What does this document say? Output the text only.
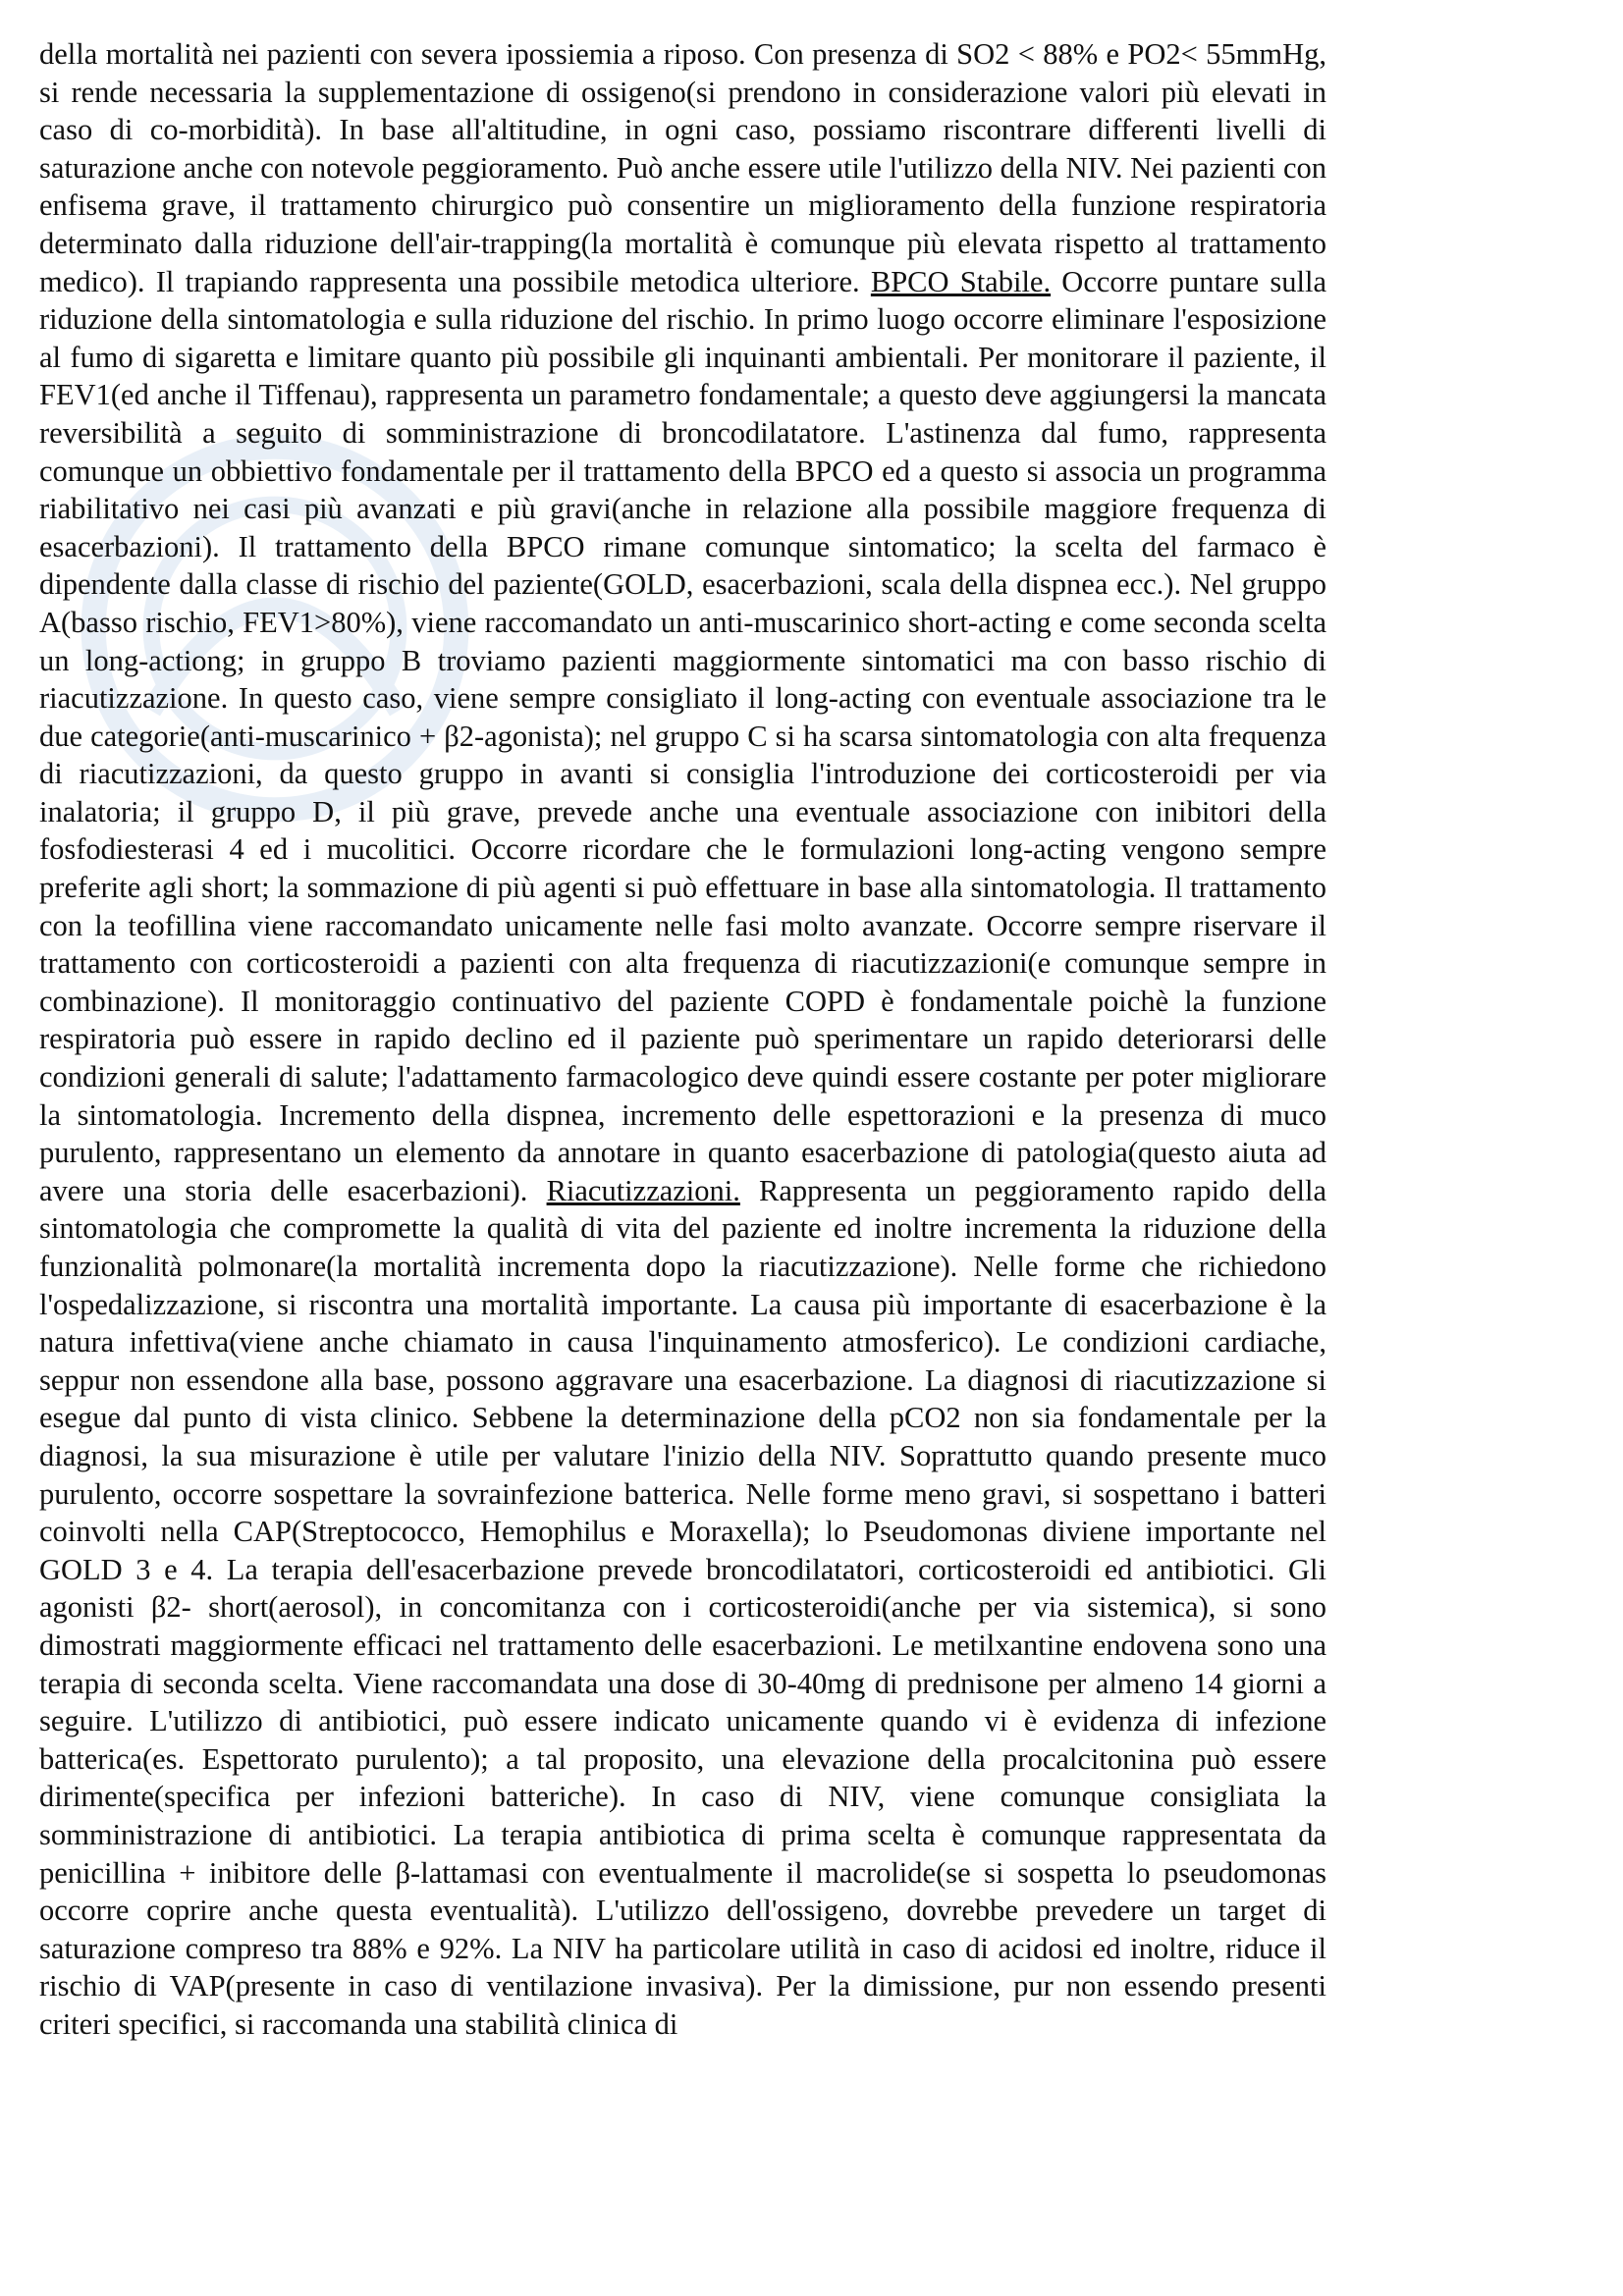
della mortalità nei pazienti con severa ipossiemia a riposo. Con presenza di SO2 < 88% e PO2< 55mmHg, si rende necessaria la supplementazione di ossigeno(si prendono in considerazione valori più elevati in caso di co-morbidità). In base all'altitudine, in ogni caso, possiamo riscontrare differenti livelli di saturazione anche con notevole peggioramento. Può anche essere utile l'utilizzo della NIV. Nei pazienti con enfisema grave, il trattamento chirurgico può consentire un miglioramento della funzione respiratoria determinato dalla riduzione dell'air-trapping(la mortalità è comunque più elevata rispetto al trattamento medico). Il trapiando rappresenta una possibile metodica ulteriore. BPCO Stabile. Occorre puntare sulla riduzione della sintomatologia e sulla riduzione del rischio. In primo luogo occorre eliminare l'esposizione al fumo di sigaretta e limitare quanto più possibile gli inquinanti ambientali. Per monitorare il paziente, il FEV1(ed anche il Tiffenau), rappresenta un parametro fondamentale; a questo deve aggiungersi la mancata reversibilità a seguito di somministrazione di broncodilatatore. L'astinenza dal fumo, rappresenta comunque un obbiettivo fondamentale per il trattamento della BPCO ed a questo si associa un programma riabilitativo nei casi più avanzati e più gravi(anche in relazione alla possibile maggiore frequenza di esacerbazioni). Il trattamento della BPCO rimane comunque sintomatico; la scelta del farmaco è dipendente dalla classe di rischio del paziente(GOLD, esacerbazioni, scala della dispnea ecc.). Nel gruppo A(basso rischio, FEV1>80%), viene raccomandato un anti-muscarinico short-acting e come seconda scelta un long-actiong; in gruppo B troviamo pazienti maggiormente sintomatici ma con basso rischio di riacutizzazione. In questo caso, viene sempre consigliato il long-acting con eventuale associazione tra le due categorie(anti-muscarinico + β2-agonista); nel gruppo C si ha scarsa sintomatologia con alta frequenza di riacutizzazioni, da questo gruppo in avanti si consiglia l'introduzione dei corticosteroidi per via inalatoria; il gruppo D, il più grave, prevede anche una eventuale associazione con inibitori della fosfodiesterasi 4 ed i mucolitici. Occorre ricordare che le formulazioni long-acting vengono sempre preferite agli short; la sommazione di più agenti si può effettuare in base alla sintomatologia. Il trattamento con la teofillina viene raccomandato unicamente nelle fasi molto avanzate. Occorre sempre riservare il trattamento con corticosteroidi a pazienti con alta frequenza di riacutizzazioni(e comunque sempre in combinazione). Il monitoraggio continuativo del paziente COPD è fondamentale poichè la funzione respiratoria può essere in rapido declino ed il paziente può sperimentare un rapido deteriorarsi delle condizioni generali di salute; l'adattamento farmacologico deve quindi essere costante per poter migliorare la sintomatologia. Incremento della dispnea, incremento delle espettorazioni e la presenza di muco purulento, rappresentano un elemento da annotare in quanto esacerbazione di patologia(questo aiuta ad avere una storia delle esacerbazioni). Riacutizzazioni. Rappresenta un peggioramento rapido della sintomatologia che compromette la qualità di vita del paziente ed inoltre incrementa la riduzione della funzionalità polmonare(la mortalità incrementa dopo la riacutizzazione). Nelle forme che richiedono l'ospedalizzazione, si riscontra una mortalità importante. La causa più importante di esacerbazione è la natura infettiva(viene anche chiamato in causa l'inquinamento atmosferico). Le condizioni cardiache, seppur non essendone alla base, possono aggravare una esacerbazione. La diagnosi di riacutizzazione si esegue dal punto di vista clinico. Sebbene la determinazione della pCO2 non sia fondamentale per la diagnosi, la sua misurazione è utile per valutare l'inizio della NIV. Soprattutto quando presente muco purulento, occorre sospettare la sovrainfezione batterica. Nelle forme meno gravi, si sospettano i batteri coinvolti nella CAP(Streptococco, Hemophilus e Moraxella); lo Pseudomonas diviene importante nel GOLD 3 e 4. La terapia dell'esacerbazione prevede broncodilatatori, corticosteroidi ed antibiotici. Gli agonisti β2- short(aerosol), in concomitanza con i corticosteroidi(anche per via sistemica), si sono dimostrati maggiormente efficaci nel trattamento delle esacerbazioni. Le metilxantine endovena sono una terapia di seconda scelta. Viene raccomandata una dose di 30-40mg di prednisone per almeno 14 giorni a seguire. L'utilizzo di antibiotici, può essere indicato unicamente quando vi è evidenza di infezione batterica(es. Espettorato purulento); a tal proposito, una elevazione della procalcitonina può essere dirimente(specifica per infezioni batteriche). In caso di NIV, viene comunque consigliata la somministrazione di antibiotici. La terapia antibiotica di prima scelta è comunque rappresentata da penicillina + inibitore delle β-lattamasi con eventualmente il macrolide(se si sospetta lo pseudomonas occorre coprire anche questa eventualità). L'utilizzo dell'ossigeno, dovrebbe prevedere un target di saturazione compreso tra 88% e 92%. La NIV ha particolare utilità in caso di acidosi ed inoltre, riduce il rischio di VAP(presente in caso di ventilazione invasiva). Per la dimissione, pur non essendo presenti criteri specifici, si raccomanda una stabilità clinica di
